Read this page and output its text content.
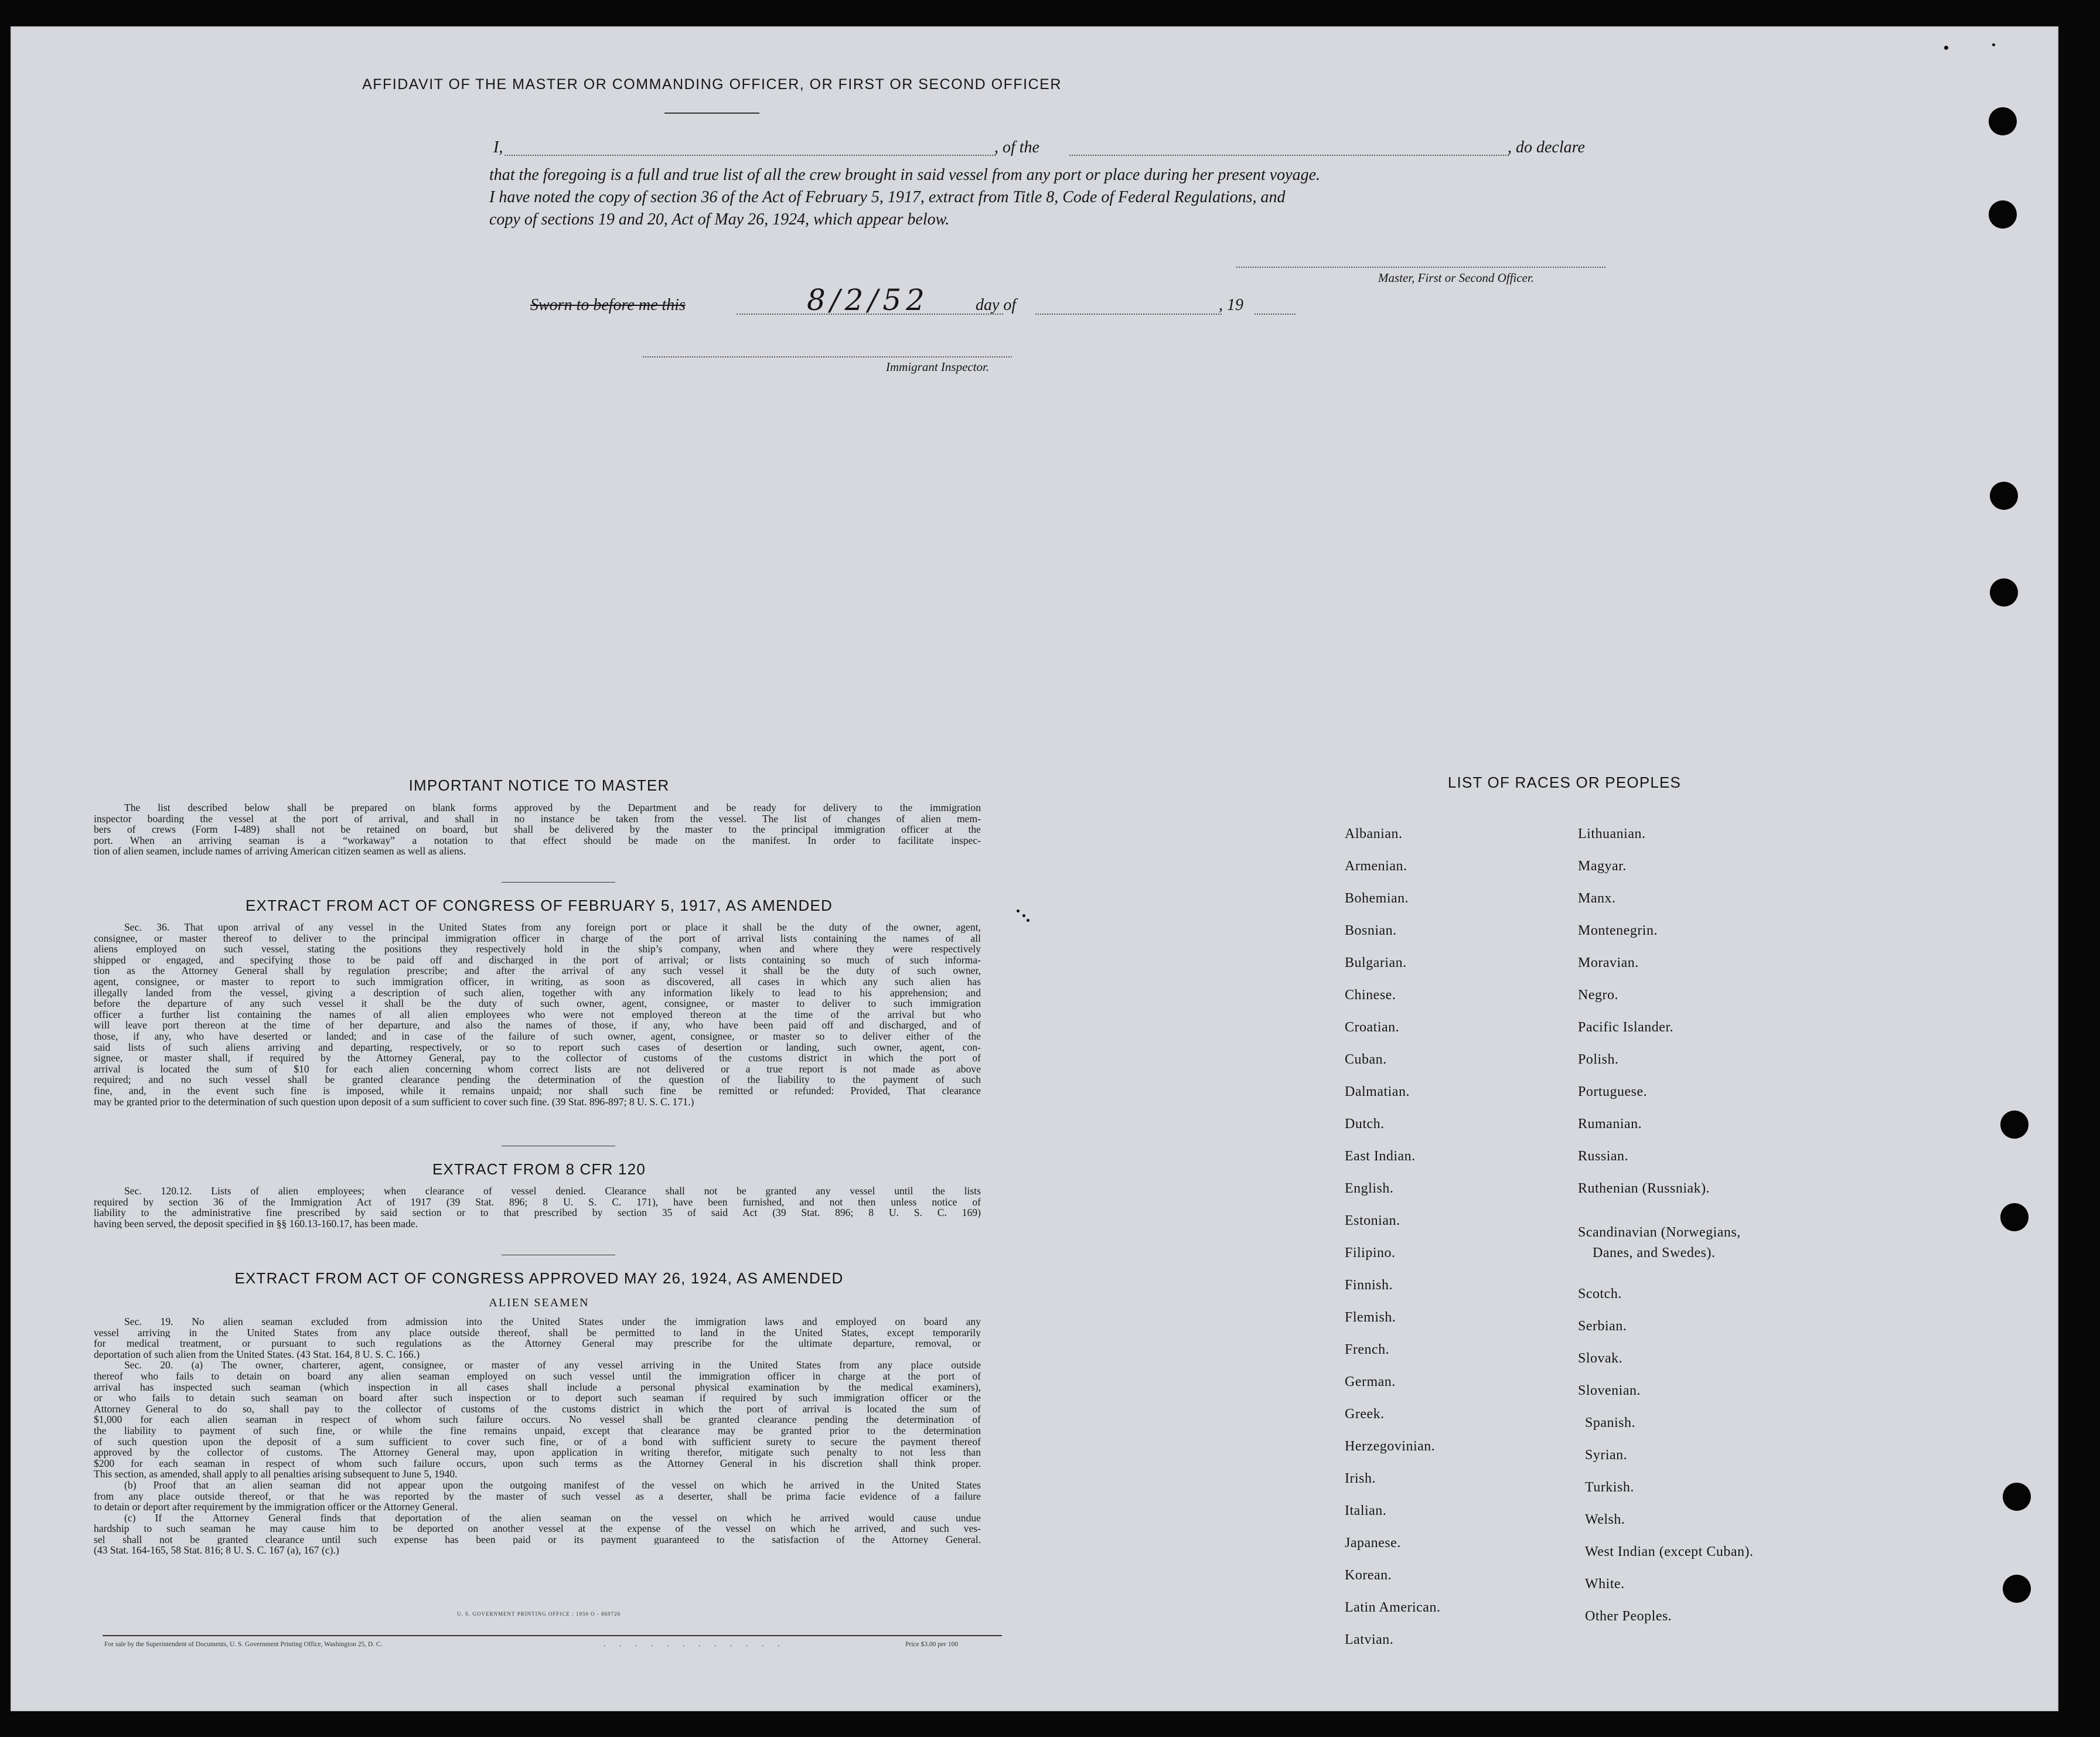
AFFIDAVIT OF THE MASTER OR COMMANDING OFFICER, OR FIRST OR SECOND OFFICER
I,	, of the	, do declare
that the foregoing is a full and true list of all the crew brought in said vessel from any port or place during her present voyage.
I have noted the copy of section 36 of the Act of February 5, 1917, extract from Title 8, Code of Federal Regulations, and
copy of sections 19 and 20, Act of May 26, 1924, which appear below.
Master, First or Second Officer.
Sworn to before me this	8/2/52	day of	, 19
Immigrant Inspector.
IMPORTANT NOTICE TO MASTER
The list described below shall be prepared on blank forms approved by the Department and be ready for delivery to the immigration
inspector boarding the vessel at the port of arrival, and shall in no instance be taken from the vessel. The list of changes of alien mem-
bers of crews (Form I-489) shall not be retained on board, but shall be delivered by the master to the principal immigration officer at the
port. When an arriving seaman is a “workaway” a notation to that effect should be made on the manifest. In order to facilitate inspec-
tion of alien seamen, include names of arriving American citizen seamen as well as aliens.
EXTRACT FROM ACT OF CONGRESS OF FEBRUARY 5, 1917, AS AMENDED
Sec. 36. That upon arrival of any vessel in the United States from any foreign port or place it shall be the duty of the owner, agent,
consignee, or master thereof to deliver to the principal immigration officer in charge of the port of arrival lists containing the names of all
aliens employed on such vessel, stating the positions they respectively hold in the ship’s company, when and where they were respectively
shipped or engaged, and specifying those to be paid off and discharged in the port of arrival; or lists containing so much of such informa-
tion as the Attorney General shall by regulation prescribe; and after the arrival of any such vessel it shall be the duty of such owner,
agent, consignee, or master to report to such immigration officer, in writing, as soon as discovered, all cases in which any such alien has
illegally landed from the vessel, giving a description of such alien, together with any information likely to lead to his apprehension; and
before the departure of any such vessel it shall be the duty of such owner, agent, consignee, or master to deliver to such immigration
officer a further list containing the names of all alien employees who were not employed thereon at the time of the arrival but who
will leave port thereon at the time of her departure, and also the names of those, if any, who have been paid off and discharged, and of
those, if any, who have deserted or landed; and in case of the failure of such owner, agent, consignee, or master so to deliver either of the
said lists of such aliens arriving and departing, respectively, or so to report such cases of desertion or landing, such owner, agent, con-
signee, or master shall, if required by the Attorney General, pay to the collector of customs of the customs district in which the port of
arrival is located the sum of $10 for each alien concerning whom correct lists are not delivered or a true report is not made as above
required; and no such vessel shall be granted clearance pending the determination of the question of the liability to the payment of such
fine, and, in the event such fine is imposed, while it remains unpaid; nor shall such fine be remitted or refunded: Provided, That clearance
may be granted prior to the determination of such question upon deposit of a sum sufficient to cover such fine. (39 Stat. 896-897; 8 U. S. C. 171.)
EXTRACT FROM 8 CFR 120
Sec. 120.12. Lists of alien employees; when clearance of vessel denied. Clearance shall not be granted any vessel until the lists
required by section 36 of the Immigration Act of 1917 (39 Stat. 896; 8 U. S. C. 171), have been furnished, and not then unless notice of
liability to the administrative fine prescribed by said section or to that prescribed by section 35 of said Act (39 Stat. 896; 8 U. S. C. 169)
having been served, the deposit specified in §§ 160.13-160.17, has been made.
EXTRACT FROM ACT OF CONGRESS APPROVED MAY 26, 1924, AS AMENDED
ALIEN SEAMEN
Sec. 19. No alien seaman excluded from admission into the United States under the immigration laws and employed on board any
vessel arriving in the United States from any place outside thereof, shall be permitted to land in the United States, except temporarily
for medical treatment, or pursuant to such regulations as the Attorney General may prescribe for the ultimate departure, removal, or
deportation of such alien from the United States. (43 Stat. 164, 8 U. S. C. 166.)
Sec. 20. (a) The owner, charterer, agent, consignee, or master of any vessel arriving in the United States from any place outside
thereof who fails to detain on board any alien seaman employed on such vessel until the immigration officer in charge at the port of
arrival has inspected such seaman (which inspection in all cases shall include a personal physical examination by the medical examiners),
or who fails to detain such seaman on board after such inspection or to deport such seaman if required by such immigration officer or the
Attorney General to do so, shall pay to the collector of customs of the customs district in which the port of arrival is located the sum of
$1,000 for each alien seaman in respect of whom such failure occurs. No vessel shall be granted clearance pending the determination of
the liability to payment of such fine, or while the fine remains unpaid, except that clearance may be granted prior to the determination
of such question upon the deposit of a sum sufficient to cover such fine, or of a bond with sufficient surety to secure the payment thereof
approved by the collector of customs. The Attorney General may, upon application in writing therefor, mitigate such penalty to not less than
$200 for each seaman in respect of whom such failure occurs, upon such terms as the Attorney General in his discretion shall think proper.
This section, as amended, shall apply to all penalties arising subsequent to June 5, 1940.
(b) Proof that an alien seaman did not appear upon the outgoing manifest of the vessel on which he arrived in the United States
from any place outside thereof, or that he was reported by the master of such vessel as a deserter, shall be prima facie evidence of a failure
to detain or deport after requirement by the immigration officer or the Attorney General.
(c) If the Attorney General finds that deportation of the alien seaman on the vessel on which he arrived would cause undue
hardship to such seaman he may cause him to be deported on another vessel at the expense of the vessel on which he arrived, and such ves-
sel shall not be granted clearance until such expense has been paid or its payment guaranteed to the satisfaction of the Attorney General.
(43 Stat. 164-165, 58 Stat. 816; 8 U. S. C. 167 (a), 167 (c).)
U. S. GOVERNMENT PRINTING OFFICE : 1950 O - 869726
For sale by the Superintendent of Documents, U. S. Government Printing Office, Washington 25, D. C.	. . . . . . . . . . . .	Price $3.00 per 100
LIST OF RACES OR PEOPLES
Albanian.
Armenian.
Bohemian.
Bosnian.
Bulgarian.
Chinese.
Croatian.
Cuban.
Dalmatian.
Dutch.
East Indian.
English.
Estonian.
Filipino.
Finnish.
Flemish.
French.
German.
Greek.
Herzegovinian.
Irish.
Italian.
Japanese.
Korean.
Latin American.
Latvian.
Lithuanian.
Magyar.
Manx.
Montenegrin.
Moravian.
Negro.
Pacific Islander.
Polish.
Portuguese.
Rumanian.
Russian.
Ruthenian (Russniak).
Scandinavian (Norwegians,
Danes, and Swedes).
Scotch.
Serbian.
Slovak.
Slovenian.
Spanish.
Syrian.
Turkish.
Welsh.
West Indian (except Cuban).
White.
Other Peoples.
